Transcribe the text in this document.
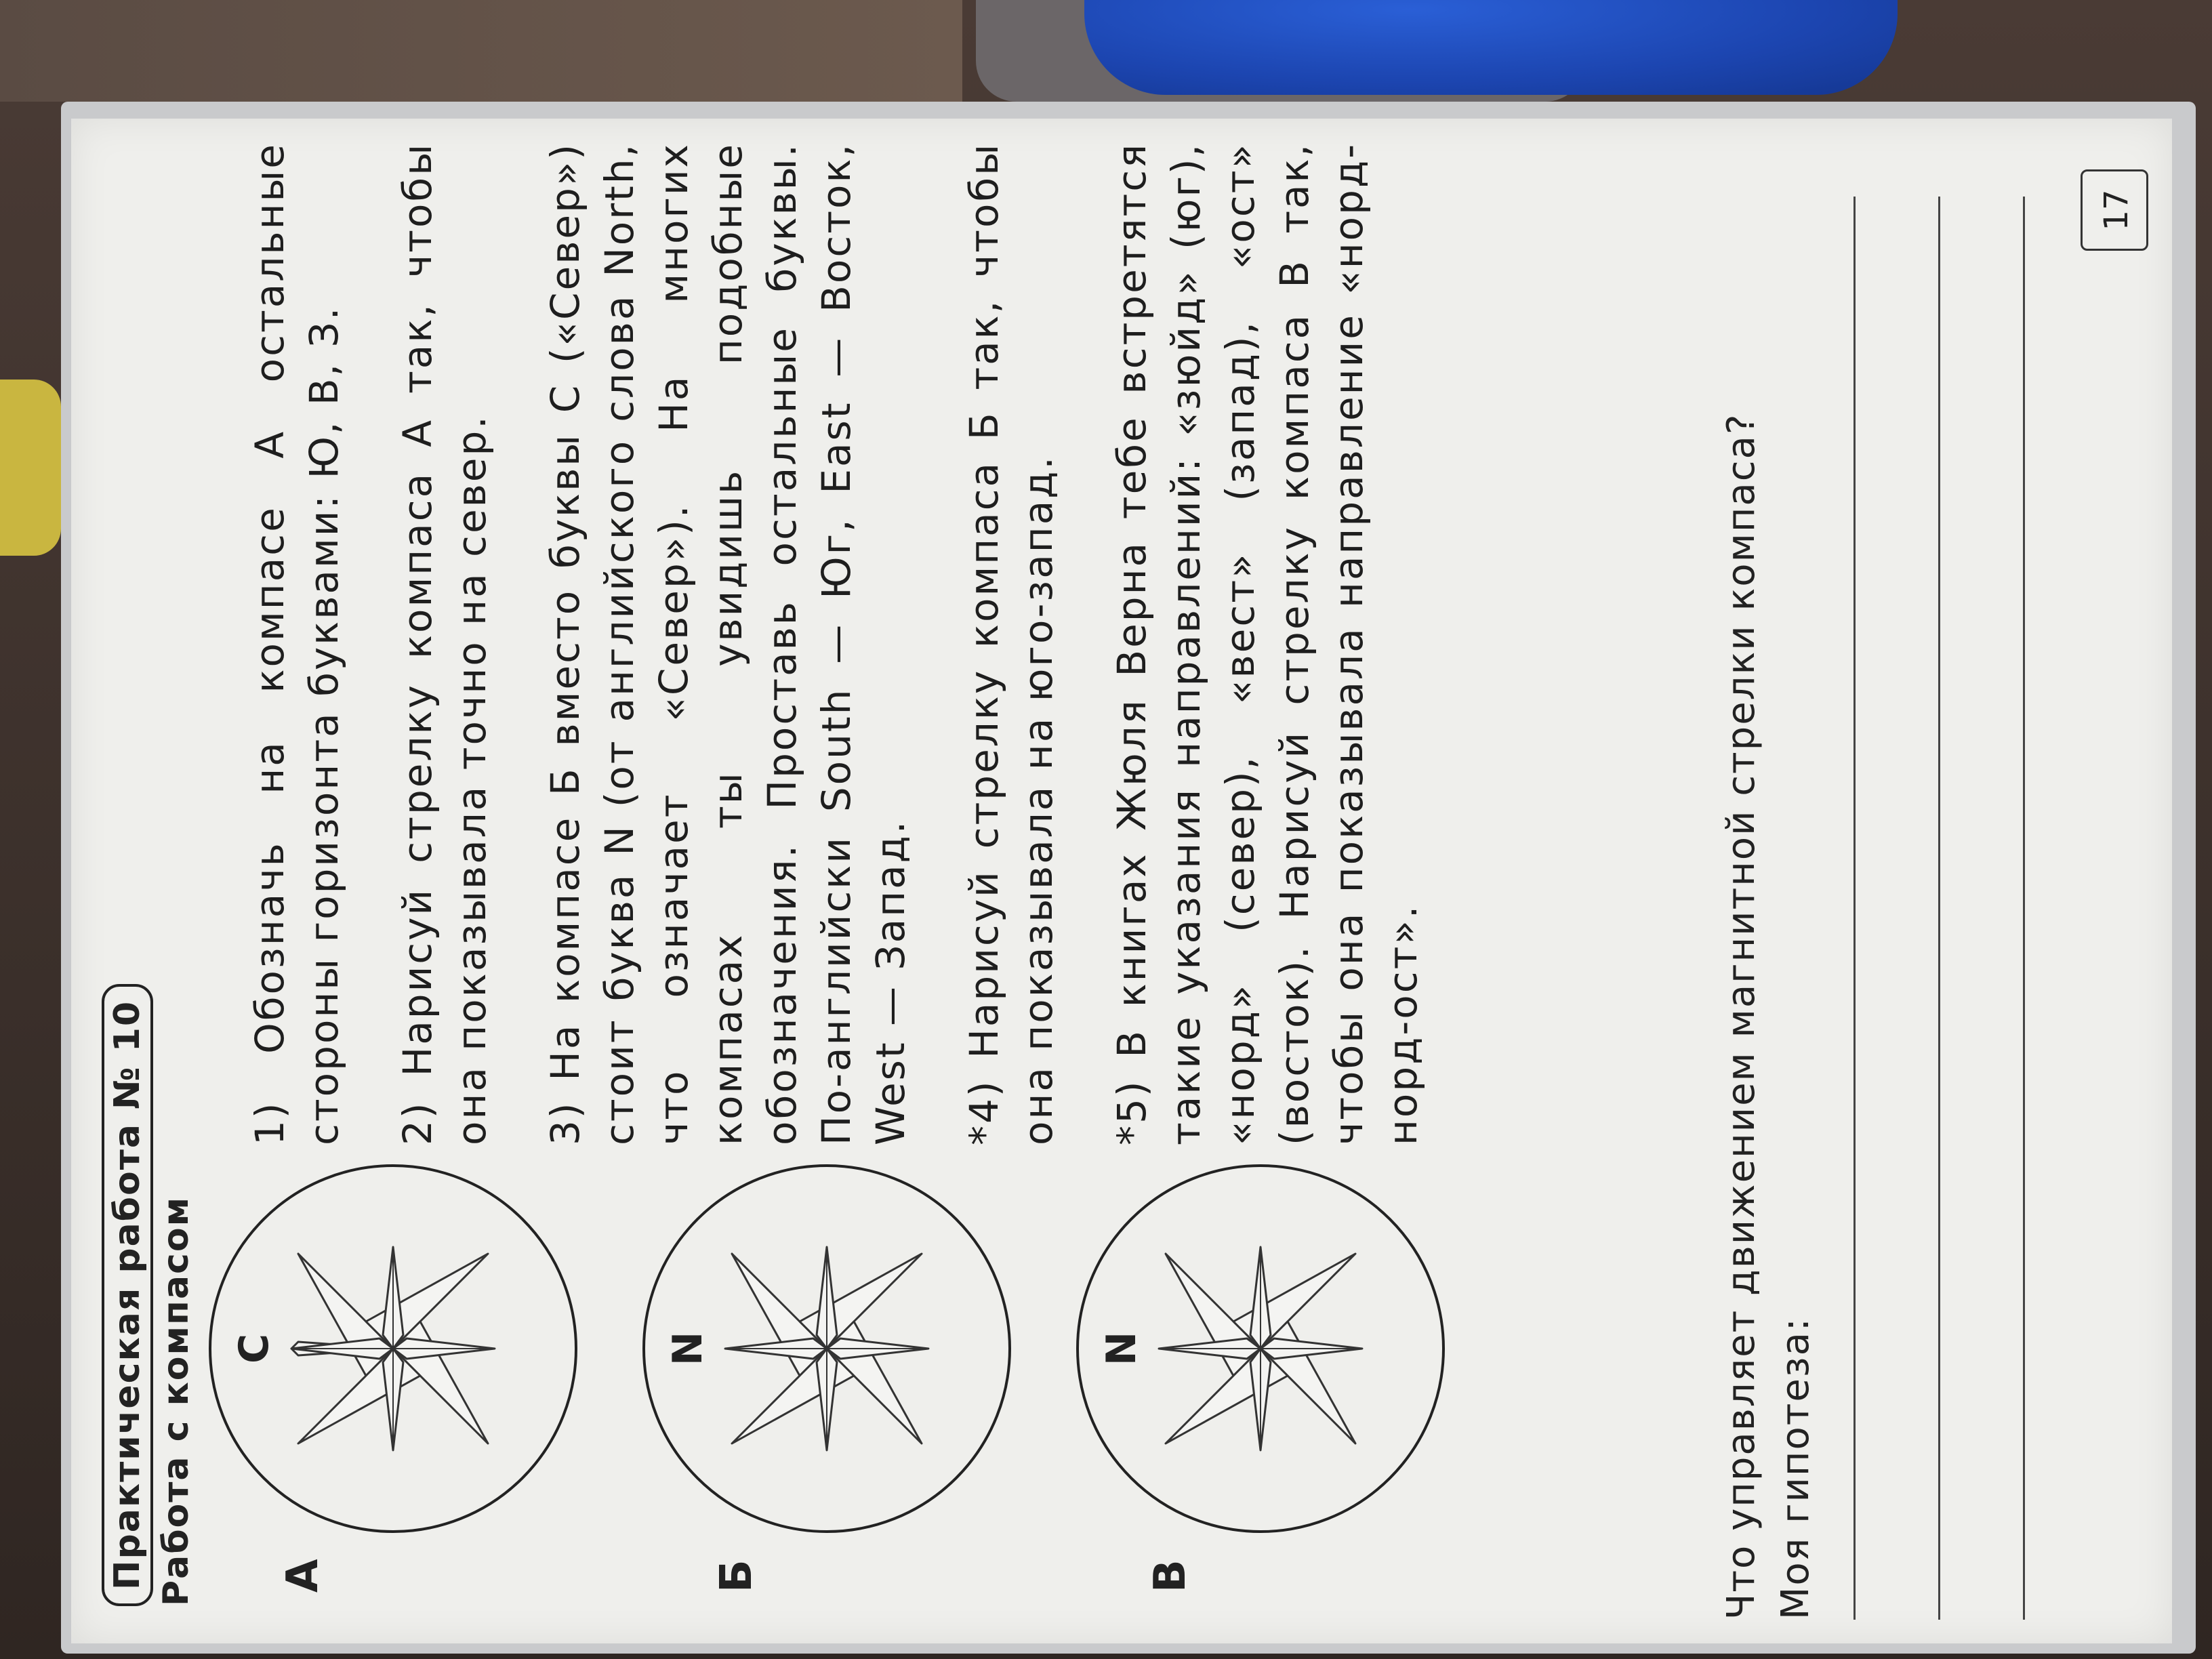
Практическая работа № 10 Работа с компасом А
С
Б
N
В
N

1) Обозначь на компасе А остальные стороны горизонта буквами: Ю, В, З. 2) Нарисуй стрелку компаса А так, чтобы она показывала точно на север. 3) На компасе Б вместо буквы С («Север») стоит буква N (от английского слова North, что означает «Север»). На многих компасах ты увидишь подобные обозначения. Проставь остальные буквы. По-английски South — Юг, East — Восток, West — Запад. *4) Нарисуй стрелку компаса Б так, чтобы она показывала на юго-запад. *5) В книгах Жюля Верна тебе встретятся такие указания направлений: «зюйд» (юг), «норд» (север), «вест» (запад), «ост» (восток). Нарисуй стрелку компаса В так, чтобы она показывала направление «норд-норд-ост».	Что управляет движением магнитной стрелки компаса? Моя гипотеза:

17
